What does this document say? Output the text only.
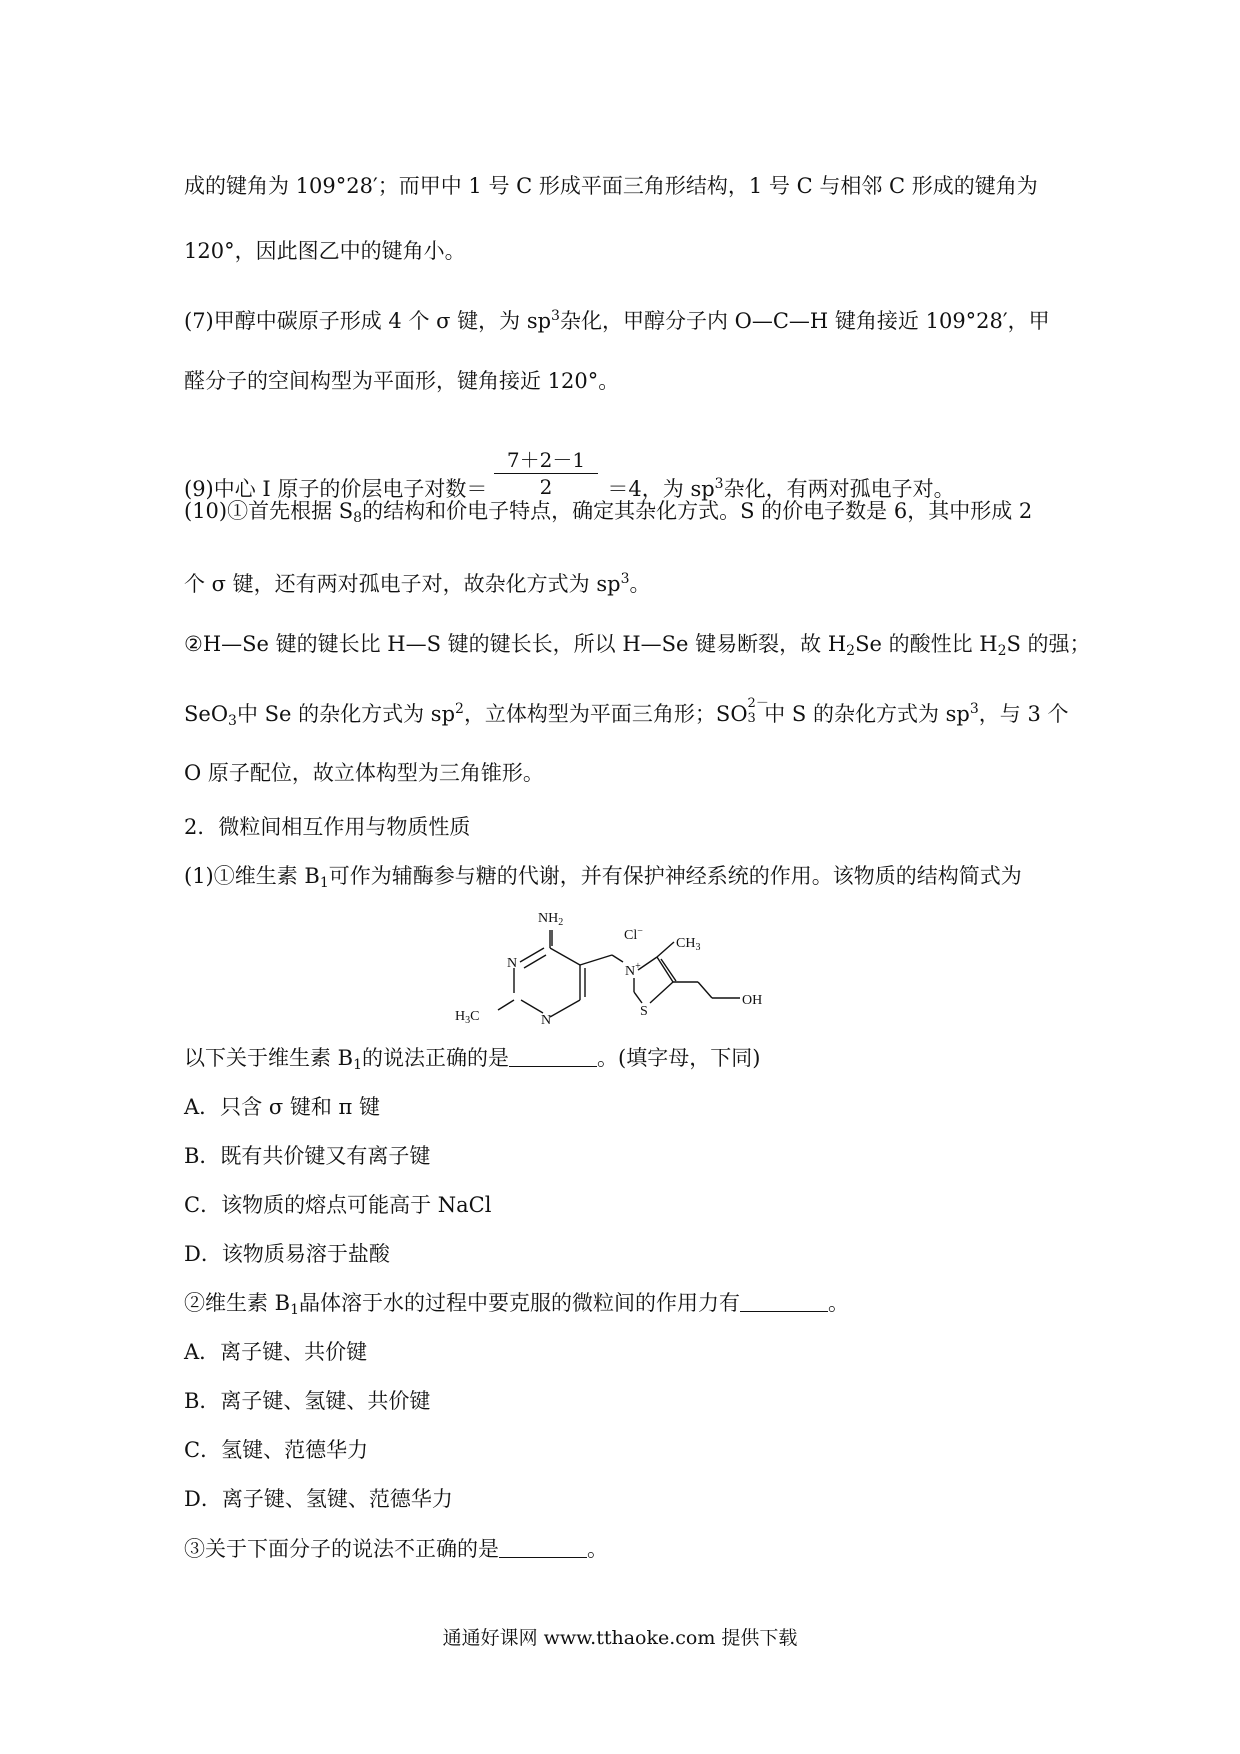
成的键角为 109°28′；而甲中 1 号 C 形成平面三角形结构，1 号 C 与相邻 C 形成的键角为
120°，因此图乙中的键角小。
(7)甲醇中碳原子形成 4 个 σ 键，为 $sp^3$杂化，甲醇分子内 O—C—H 键角接近 109°28′，甲
醛分子的空间构型为平面形，键角接近 120°。
(9)中心 I 原子的价层电子对数＝	＝4，为 $sp^3$杂化，有两对孤电子对。
7＋2－1
2
(10)①首先根据 $S_8$的结构和价电子特点，确定其杂化方式。S 的价电子数是 6，其中形成 2
个 σ 键，还有两对孤电子对，故杂化方式为 $sp^3$。
②H—Se 键的键长比 H—S 键的键长长，所以 H—Se 键易断裂，故 $H_2Se$ 的酸性比 $H_2S$ 的强；
SeO$_3$中 Se 的杂化方式为 $sp^2$，立体构型为平面三角形；SO 2－
3 中 S 的杂化方式为 $sp^3$，与 3 个
O 原子配位，故立体构型为三角锥形。
2．微粒间相互作用与物质性质
(1)①维生素 $B_1$可作为辅酶参与糖的代谢，并有保护神经系统的作用。该物质的结构简式为
$NH_2$
N
N
$H_3C$
Cl−
N+
$CH_3$
S
OH
以下关于维生素 $B_1$的说法正确的是	。(填字母，下同)
A．只含 σ 键和 π 键
B．既有共价键又有离子键
C．该物质的熔点可能高于 NaCl
D．该物质易溶于盐酸
②维生素 $B_1$晶体溶于水的过程中要克服的微粒间的作用力有	。
A．离子键、共价键
B．离子键、氢键、共价键
C．氢键、范德华力
D．离子键、氢键、范德华力
③关于下面分子的说法不正确的是	。
通通好课网 www.tthaoke.com 提供下载
